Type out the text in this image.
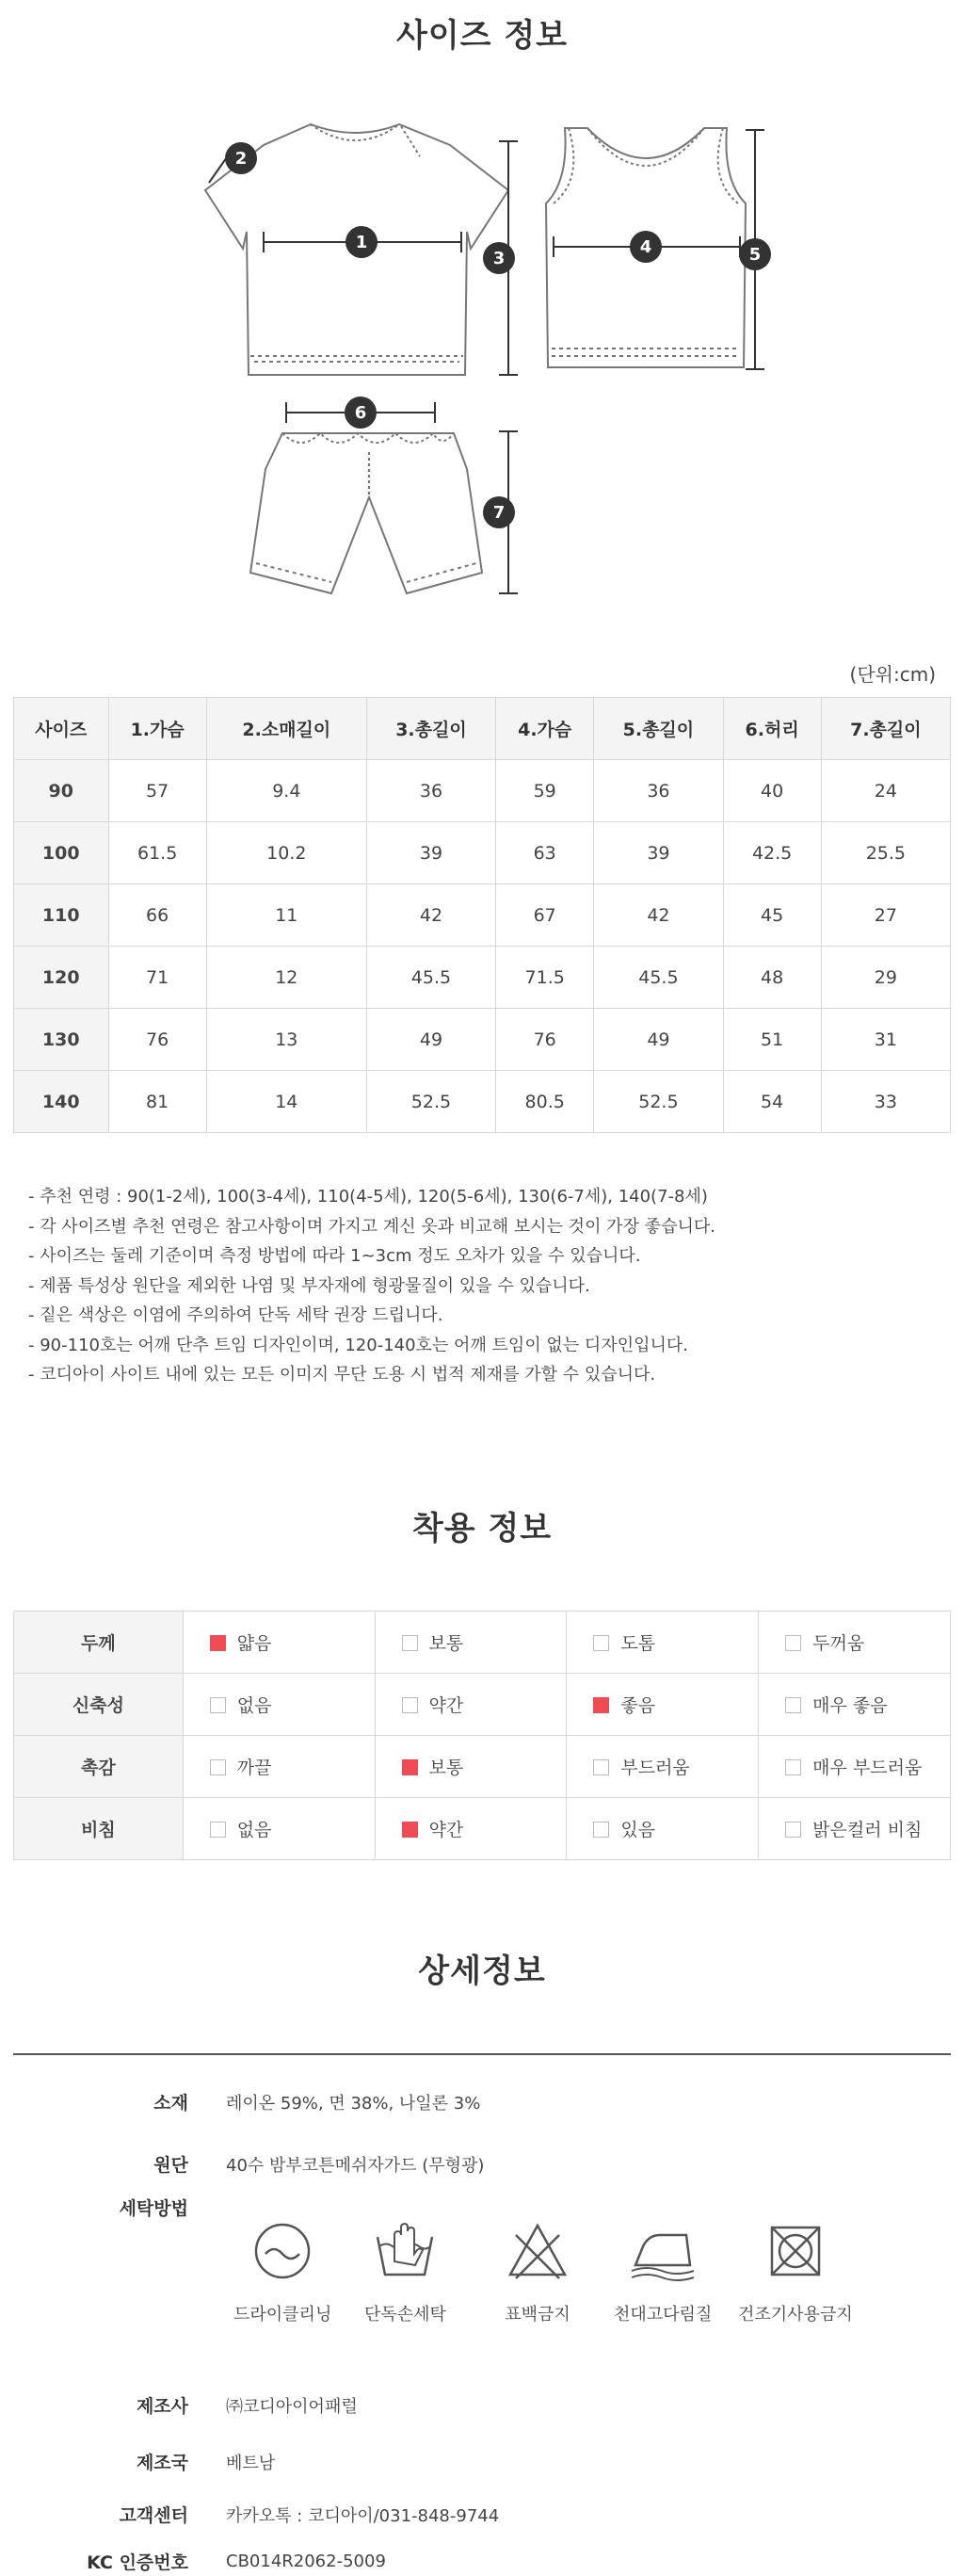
사이즈 정보
1
2
3
4	5
6
7
(단위:cm)
사이즈	1.가슴	2.소매길이	3.총길이	4.가슴	5.총길이	6.허리	7.총길이
90	57	9.4	36	59	36	40	24
100	61.5	10.2	39	63	39	42.5	25.5
110	66	11	42	67	42	45	27
120	71	12	45.5	71.5	45.5	48	29
130	76	13	49	76	49	51	31
140	81	14	52.5	80.5	52.5	54	33
- 추천 연령 : 90(1-2세), 100(3-4세), 110(4-5세), 120(5-6세), 130(6-7세), 140(7-8세)
- 각 사이즈별 추천 연령은 참고사항이며 가지고 계신 옷과 비교해 보시는 것이 가장 좋습니다.
- 사이즈는 둘레 기준이며 측정 방법에 따라 1~3cm 정도 오차가 있을 수 있습니다.
- 제품 특성상 원단을 제외한 나염 및 부자재에 형광물질이 있을 수 있습니다.
- 짙은 색상은 이염에 주의하여 단독 세탁 권장 드립니다.
- 90-110호는 어깨 단추 트임 디자인이며, 120-140호는 어깨 트임이 없는 디자인입니다.
- 코디아이 사이트 내에 있는 모든 이미지 무단 도용 시 법적 제재를 가할 수 있습니다.
착용 정보
두께	얇음	보통	도톰	두꺼움
신축성	없음	약간	좋음	매우 좋음
촉감	까끌	보통	부드러움	매우 부드러움
비침	없음	약간	있음	밝은컬러 비침
상세정보
소재 레이온 59%, 면 38%, 나일론 3%
원단 40수 밤부코튼메쉬자가드 (무형광)
세탁방법
드라이클리닝 단독손세탁	표백금지	천대고다림질 건조기사용금지
제조사 ㈜코디아이어패럴
제조국 베트남
고객센터 카카오톡 : 코디아이/031-848-9744
KC 인증번호 CB014R2062-5009
